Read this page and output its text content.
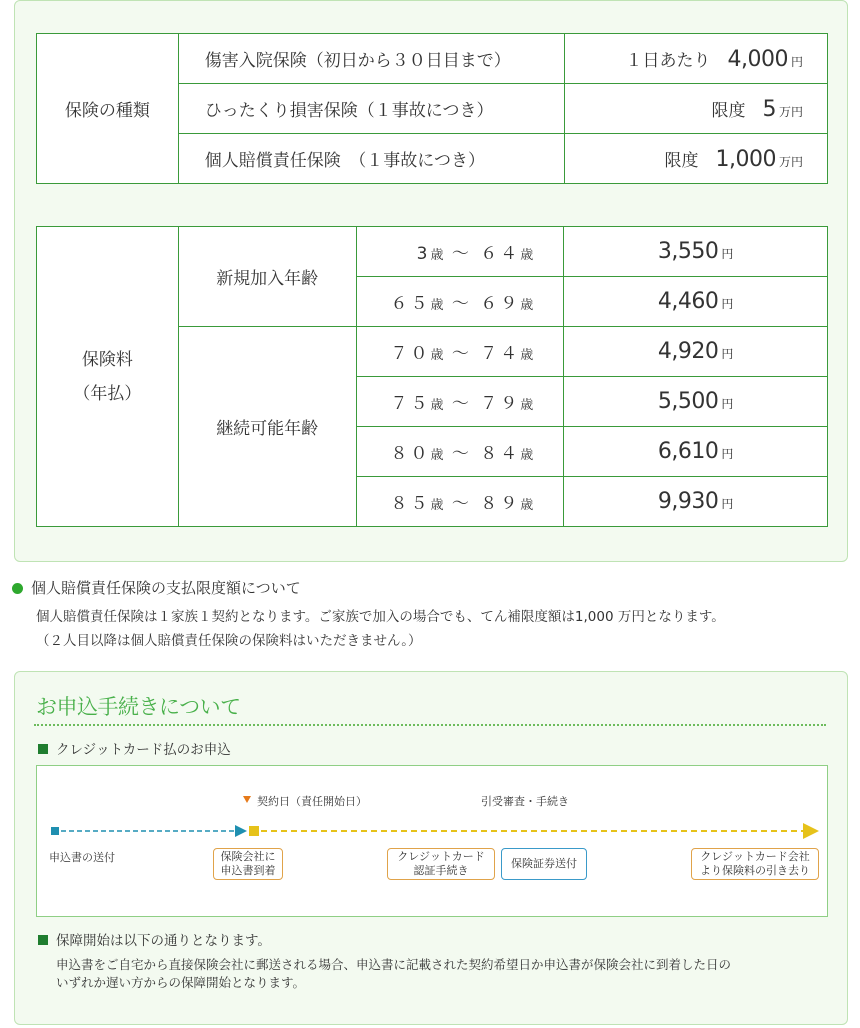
保険の種類	傷害入院保険（初日から３０日目まで）	１日あたり　 4,000 円
	ひったくり損害保険（１事故につき）	限度　 5 万円
	個人賠償責任保険　（１事故につき）	限度　 1,000 万円
保険料
（年払）	新規加入年齢	3歳 ～ ６４歳	3,550 円
		６５歳 ～ ６９歳	4,460 円
	継続可能年齢	７０歳 ～ ７４歳	4,920 円
		７５歳 ～ ７９歳	5,500 円
		８０歳 ～ ８４歳	6,610 円
		８５歳 ～ ８９歳	9,930 円
個人賠償責任保険の支払限度額について
個人賠償責任保険は１家族１契約となります。ご家族で加入の場合でも、てん補限度額は1,000 万円となります。
（２人目以降は個人賠償責任保険の保険料はいただきません。）
お申込手続きについて
クレジットカード払のお申込
契約日（責任開始日）	引受審査・手続き
申込書の送付	保険会社に
申込書到着
クレジットカード
認証手続き
保険証券送付
クレジットカード会社
より保険料の引き去り
保障開始は以下の通りとなります。
申込書をご自宅から直接保険会社に郵送される場合、申込書に記載された契約希望日か申込書が保険会社に到着した日の
いずれか遅い方からの保障開始となります。
